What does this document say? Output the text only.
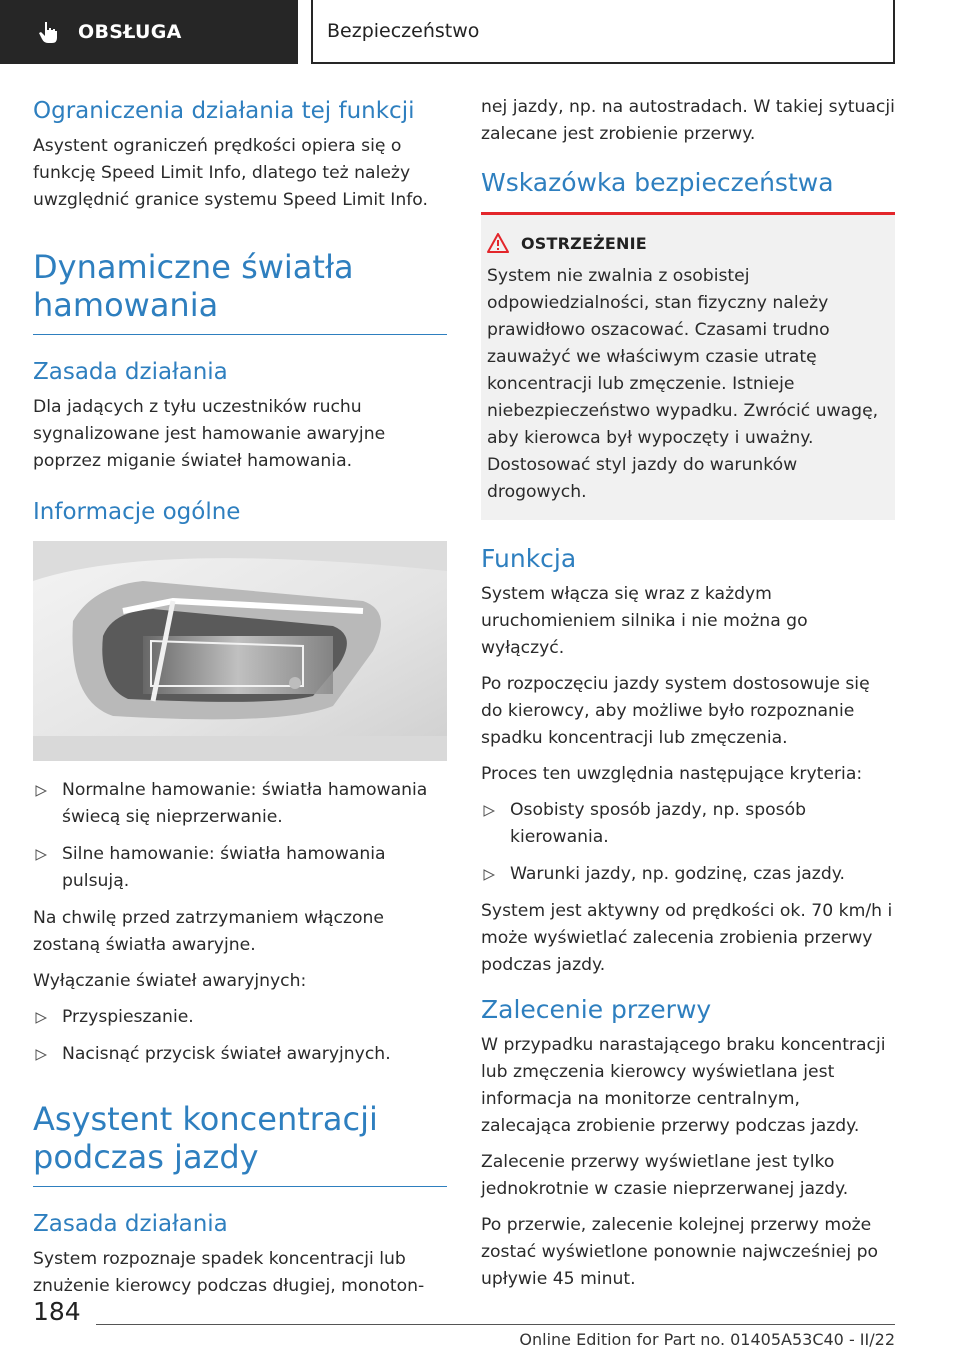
OBSŁUGA	Bezpieczeństwo
Ograniczenia działania tej funkcji

Asystent ograniczeń prędkości opiera się o funkcję Speed Limit Info, dlatego też należy uwzględnić granice systemu Speed Limit Info.

Dynamiczne światła hamowania
Zasada działania

Dla jadących z tyłu uczestników ruchu sygnalizowane jest hamowanie awaryjne poprzez miganie świateł hamowania.

Informacje ogólne
Normalne hamowanie: światła hamowania świecą się nieprzerwanie.
Silne hamowanie: światła hamowania pulsują.

Na chwilę przed zatrzymaniem włączone zostaną światła awaryjne.

Wyłączanie świateł awaryjnych:

Przyspieszanie.
Nacisnąć przycisk świateł awaryjnych.
Asystent koncentracji podczas jazdy
Zasada działania

System rozpoznaje spadek koncentracji lub znużenie kierowcy podczas długiej, monoton-

nej jazdy, np. na autostradach. W takiej sytuacji zalecane jest zrobienie przerwy.

Wskazówka bezpieczeństwa
OSTRZEŻENIE

System nie zwalnia z osobistej odpowiedzialności, stan fizyczny należy prawidłowo oszacować. Czasami trudno zauważyć we właściwym czasie utratę koncentracji lub zmęczenie. Istnieje niebezpieczeństwo wypadku. Zwrócić uwagę, aby kierowca był wypoczęty i uważny. Dostosować styl jazdy do warunków drogowych.

Funkcja

System włącza się wraz z każdym uruchomieniem silnika i nie można go wyłączyć.

Po rozpoczęciu jazdy system dostosowuje się do kierowcy, aby możliwe było rozpoznanie spadku koncentracji lub zmęczenia.

Proces ten uwzględnia następujące kryteria:

Osobisty sposób jazdy, np. sposób kierowania.
Warunki jazdy, np. godzinę, czas jazdy.

System jest aktywny od prędkości ok. 70 km/h i może wyświetlać zalecenia zrobienia przerwy podczas jazdy.

Zalecenie przerwy

W przypadku narastającego braku koncentracji lub zmęczenia kierowcy wyświetlana jest informacja na monitorze centralnym, zalecająca zrobienie przerwy podczas jazdy.

Zalecenie przerwy wyświetlane jest tylko jednokrotnie w czasie nieprzerwanej jazdy.

Po przerwie, zalecenie kolejnej przerwy może zostać wyświetlone ponownie najwcześniej po upływie 45 minut.

184
Online Edition for Part no. 01405A53C40 - II/22
